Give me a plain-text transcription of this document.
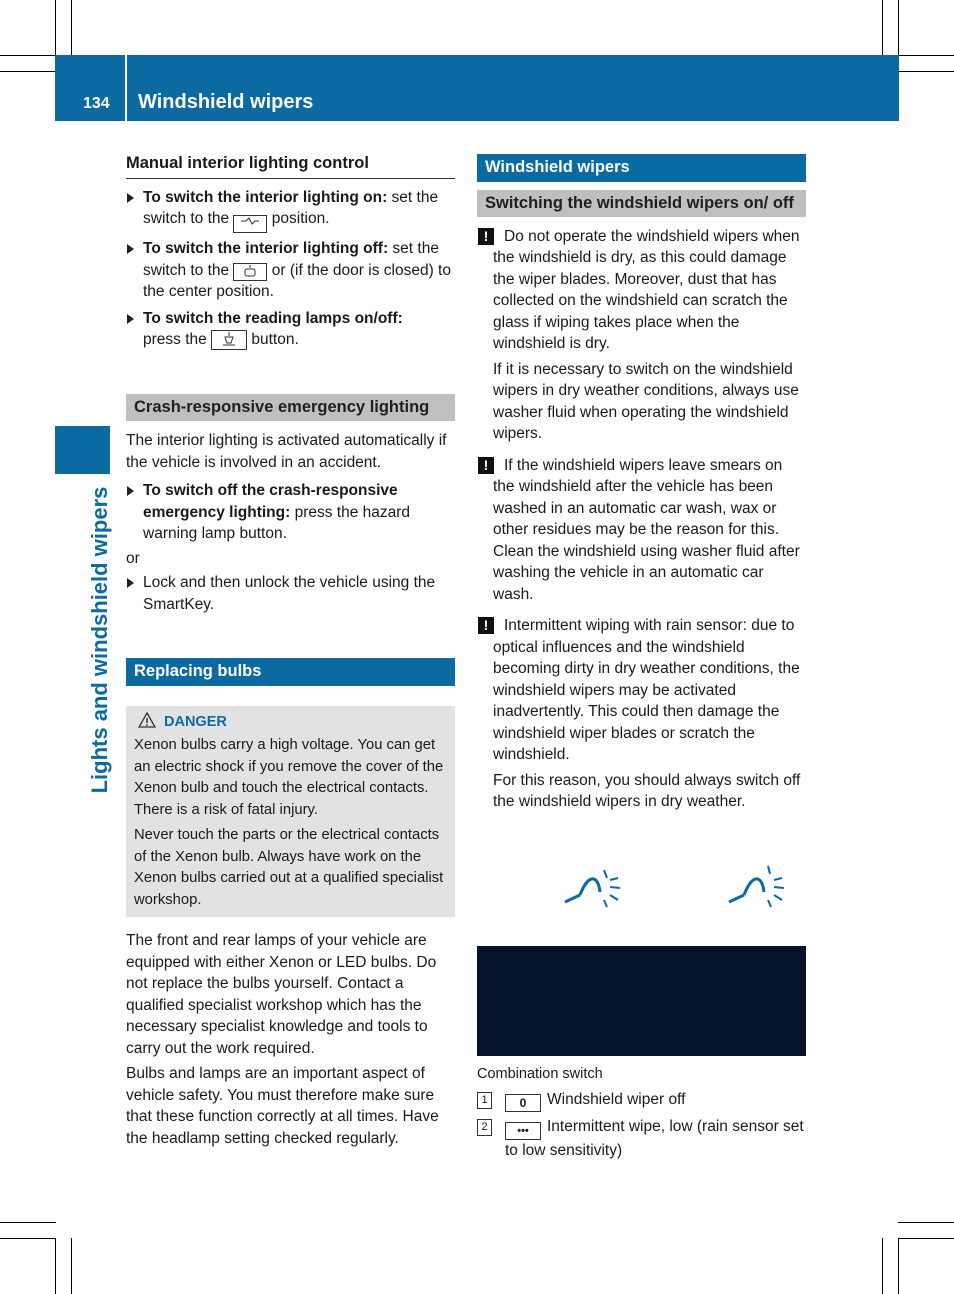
134 Windshield wipers
Lights and windshield wipers
Manual interior lighting control

To switch the interior lighting on: set the switch to the  position.

To switch the interior lighting off: set the switch to the  or (if the door is closed) to the center position.

To switch the reading lamps on/off:
press the  button.

Crash-responsive emergency lighting

The interior lighting is activated automatically if the vehicle is involved in an accident.

To switch off the crash-responsive emergency lighting: press the hazard warning lamp button.

or

Lock and then unlock the vehicle using the SmartKey.

Replacing bulbs
DANGER

Xenon bulbs carry a high voltage. You can get an electric shock if you remove the cover of the Xenon bulb and touch the electrical contacts. There is a risk of fatal injury.

Never touch the parts or the electrical contacts of the Xenon bulb. Always have work on the Xenon bulbs carried out at a qualified specialist workshop.

The front and rear lamps of your vehicle are equipped with either Xenon or LED bulbs. Do not replace the bulbs yourself. Contact a qualified specialist workshop which has the necessary specialist knowledge and tools to carry out the work required.

Bulbs and lamps are an important aspect of vehicle safety. You must therefore make sure that these function correctly at all times. Have the headlamp setting checked regularly.

Windshield wipers
Switching the windshield wipers on/ off
!	Do not operate the windshield wipers when the windshield is dry, as this could damage the wiper blades. Moreover, dust that has collected on the windshield can scratch the glass if wiping takes place when the windshield is dry.

If it is necessary to switch on the windshield wipers in dry weather conditions, always use washer fluid when operating the windshield wipers.

!	If the windshield wipers leave smears on the windshield after the vehicle has been washed in an automatic car wash, wax or other residues may be the reason for this. Clean the windshield using washer fluid after washing the vehicle in an automatic car wash.

!	Intermittent wiping with rain sensor: due to optical influences and the windshield becoming dirty in dry weather conditions, the windshield wipers may be activated inadvertently. This could then damage the windshield wiper blades or scratch the windshield.

For this reason, you should always switch off the windshield wipers in dry weather.

Combination switch

1	0 Windshield wiper off

2	••• Intermittent wipe, low (rain sensor set to low sensitivity)
